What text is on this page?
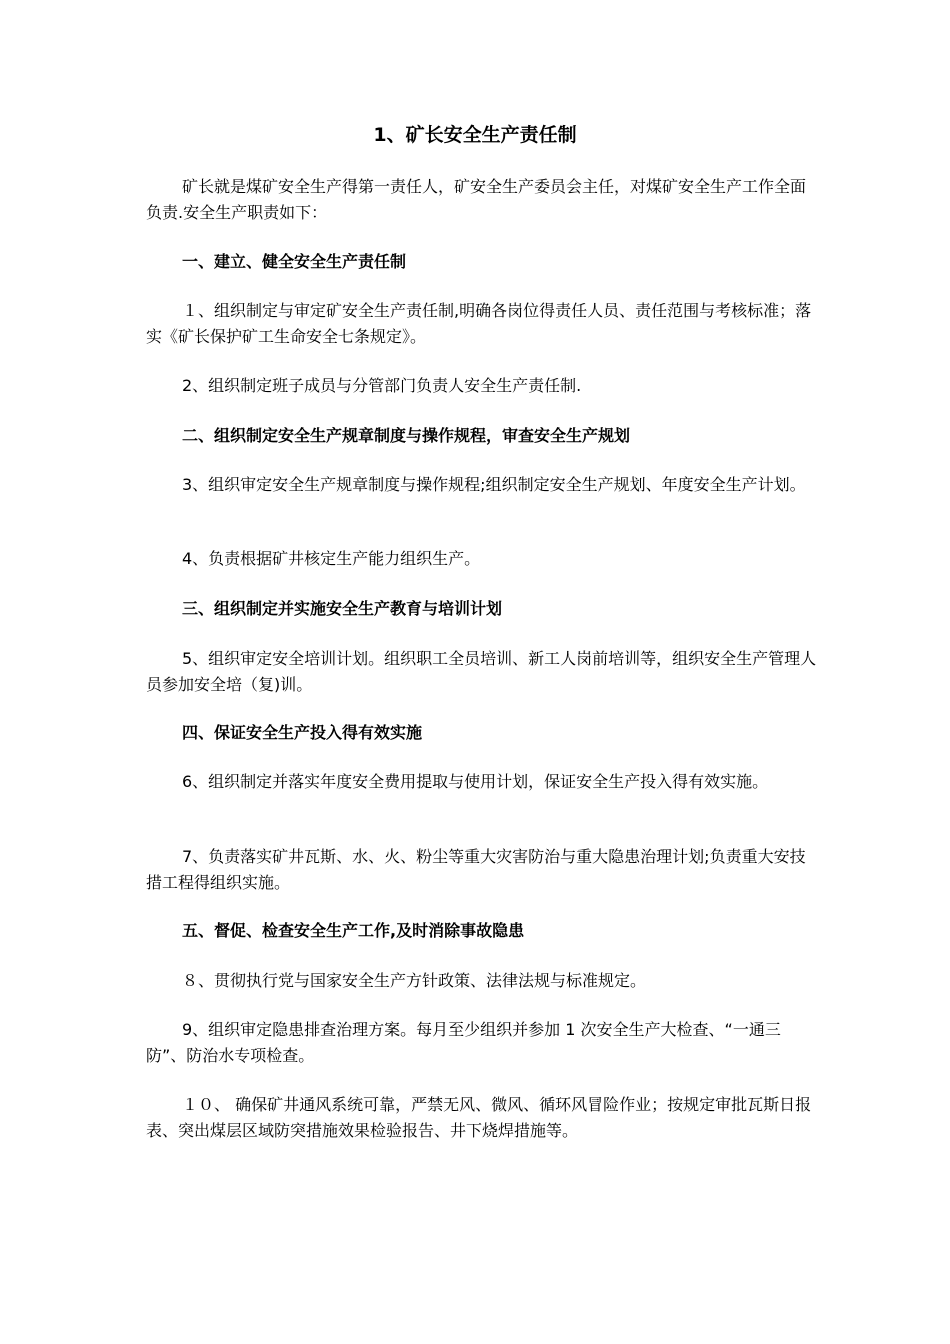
1、矿长安全生产责任制

矿长就是煤矿安全生产得第一责任人，矿安全生产委员会主任，对煤矿安全生产工作全面负责.安全生产职责如下：

一、建立、健全安全生产责任制

１、组织制定与审定矿安全生产责任制,明确各岗位得责任人员、责任范围与考核标准；落实《矿长保护矿工生命安全七条规定》。

2、组织制定班子成员与分管部门负责人安全生产责任制.

二、组织制定安全生产规章制度与操作规程，审查安全生产规划

3、组织审定安全生产规章制度与操作规程;组织制定安全生产规划、年度安全生产计划。

4、负责根据矿井核定生产能力组织生产。

三、组织制定并实施安全生产教育与培训计划

5、组织审定安全培训计划。组织职工全员培训、新工人岗前培训等，组织安全生产管理人员参加安全培（复)训。

四、保证安全生产投入得有效实施

6、组织制定并落实年度安全费用提取与使用计划，保证安全生产投入得有效实施。

7、负责落实矿井瓦斯、水、火、粉尘等重大灾害防治与重大隐患治理计划;负责重大安技措工程得组织实施。

五、督促、检查安全生产工作,及时消除事故隐患

８、贯彻执行党与国家安全生产方针政策、法律法规与标准规定。

9、组织审定隐患排查治理方案。每月至少组织并参加 1 次安全生产大检查、“一通三防”、防治水专项检查。

１０、 确保矿井通风系统可靠，严禁无风、微风、循环风冒险作业；按规定审批瓦斯日报表、突出煤层区域防突措施效果检验报告、井下烧焊措施等。
